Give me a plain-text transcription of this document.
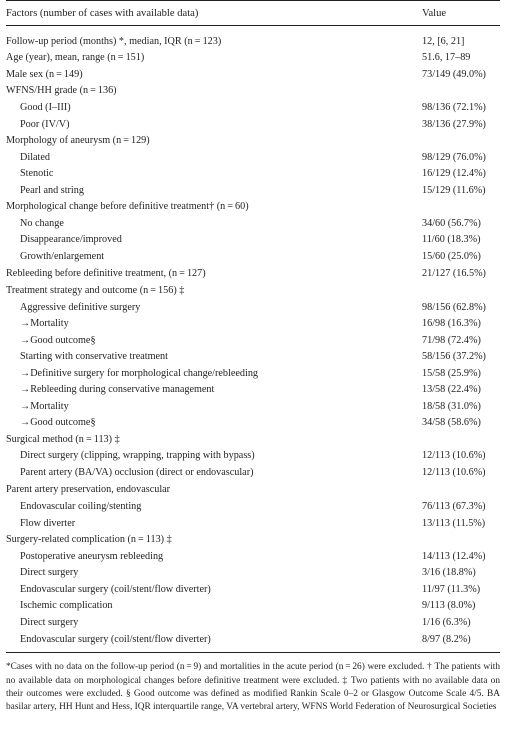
Factors (number of cases with available data)	Value
Follow-up period (months) *, median, IQR (n = 123)	12, [6, 21]
Age (year), mean, range (n = 151)	51.6, 17–89
Male sex (n = 149)	73/149 (49.0%)
WFNS/HH grade (n = 136)
Good (I–III)	98/136 (72.1%)
Poor (IV/V)	38/136 (27.9%)
Morphology of aneurysm (n = 129)
Dilated	98/129 (76.0%)
Stenotic	16/129 (12.4%)
Pearl and string	15/129 (11.6%)
Morphological change before definitive treatment† (n = 60)
No change	34/60 (56.7%)
Disappearance/improved	11/60 (18.3%)
Growth/enlargement	15/60 (25.0%)
Rebleeding before definitive treatment, (n = 127)	21/127 (16.5%)
Treatment strategy and outcome (n = 156) ‡
Aggressive definitive surgery	98/156 (62.8%)
→Mortality	16/98 (16.3%)
→Good outcome§	71/98 (72.4%)
Starting with conservative treatment	58/156 (37.2%)
→Definitive surgery for morphological change/rebleeding	15/58 (25.9%)
→Rebleeding during conservative management	13/58 (22.4%)
→Mortality	18/58 (31.0%)
→Good outcome§	34/58 (58.6%)
Surgical method (n = 113) ‡
Direct surgery (clipping, wrapping, trapping with bypass)	12/113 (10.6%)
Parent artery (BA/VA) occlusion (direct or endovascular)	12/113 (10.6%)
Parent artery preservation, endovascular
Endovascular coiling/stenting	76/113 (67.3%)
Flow diverter	13/113 (11.5%)
Surgery-related complication (n = 113) ‡
Postoperative aneurysm rebleeding	14/113 (12.4%)
Direct surgery	3/16 (18.8%)
Endovascular surgery (coil/stent/flow diverter)	11/97 (11.3%)
Ischemic complication	9/113 (8.0%)
Direct surgery	1/16 (6.3%)
Endovascular surgery (coil/stent/flow diverter)	8/97 (8.2%)

*Cases with no data on the follow-up period (n = 9) and mortalities in the acute period (n = 26) were excluded. † The patients with no available data on morphological changes before definitive treatment were excluded. ‡ Two patients with no available data on their outcomes were excluded. § Good outcome was defined as modified Rankin Scale 0–2 or Glasgow Outcome Scale 4/5. BA basilar artery, HH Hunt and Hess, IQR interquartile range, VA vertebral artery, WFNS World Federation of Neurosurgical Societies
